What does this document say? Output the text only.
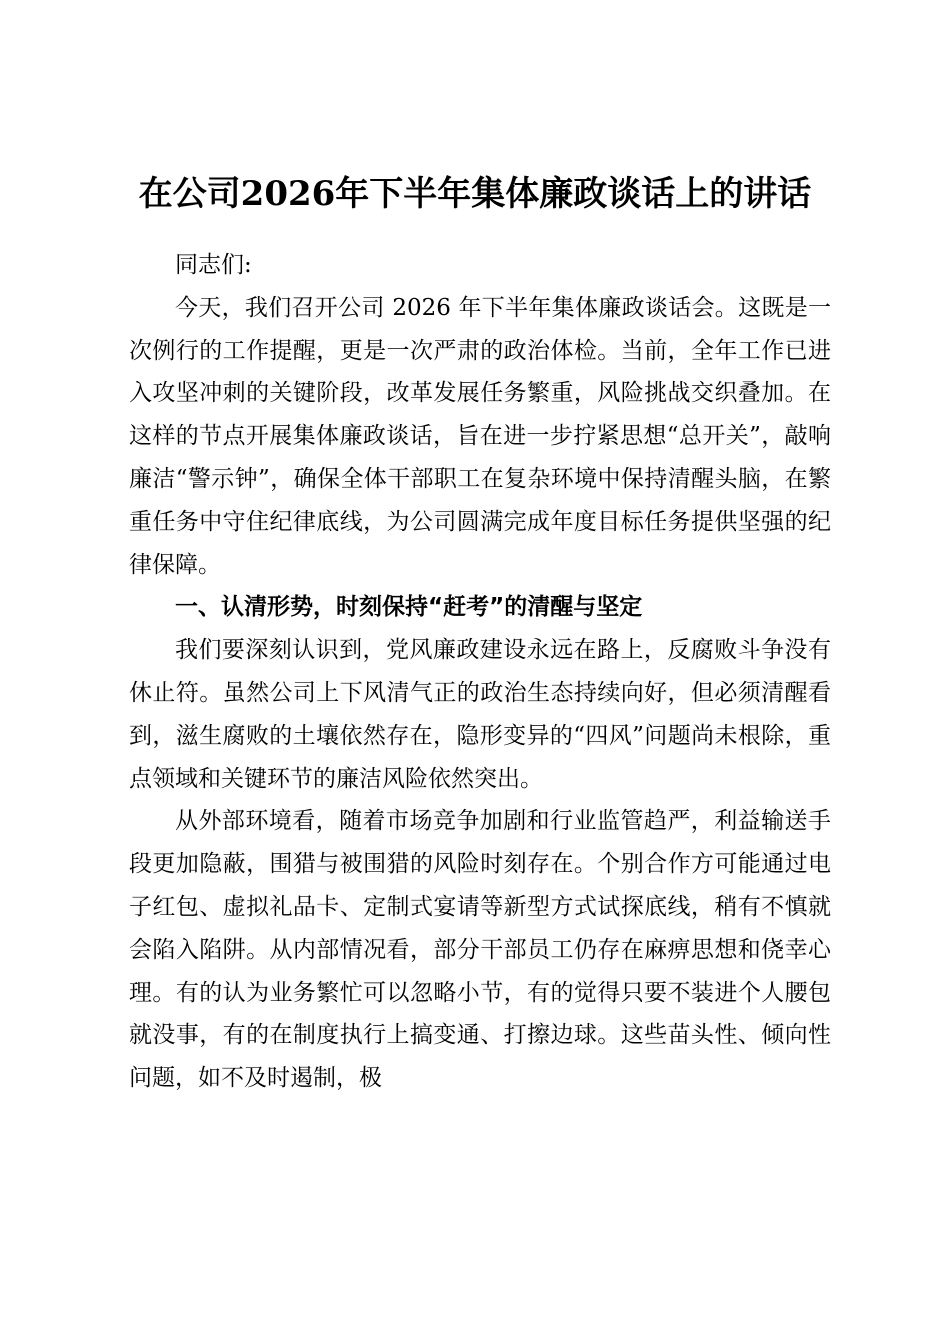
在公司2026年下半年集体廉政谈话上的讲话

同志们:

今天，我们召开公司 2026 年下半年集体廉政谈话会。这既是一次例行的工作提醒，更是一次严肃的政治体检。当前，全年工作已进入攻坚冲刺的关键阶段，改革发展任务繁重，风险挑战交织叠加。在这样的节点开展集体廉政谈话，旨在进一步拧紧思想“总开关”，敲响廉洁“警示钟”，确保全体干部职工在复杂环境中保持清醒头脑，在繁重任务中守住纪律底线，为公司圆满完成年度目标任务提供坚强的纪律保障。

一、认清形势，时刻保持“赶考”的清醒与坚定

我们要深刻认识到，党风廉政建设永远在路上，反腐败斗争没有休止符。虽然公司上下风清气正的政治生态持续向好，但必须清醒看到，滋生腐败的土壤依然存在，隐形变异的“四风”问题尚未根除，重点领域和关键环节的廉洁风险依然突出。

从外部环境看，随着市场竞争加剧和行业监管趋严，利益输送手段更加隐蔽，围猎与被围猎的风险时刻存在。个别合作方可能通过电子红包、虚拟礼品卡、定制式宴请等新型方式试探底线，稍有不慎就会陷入陷阱。从内部情况看，部分干部员工仍存在麻痹思想和侥幸心理。有的认为业务繁忙可以忽略小节，有的觉得只要不装进个人腰包就没事，有的在制度执行上搞变通、打擦边球。这些苗头性、倾向性问题，如不及时遏制，极
